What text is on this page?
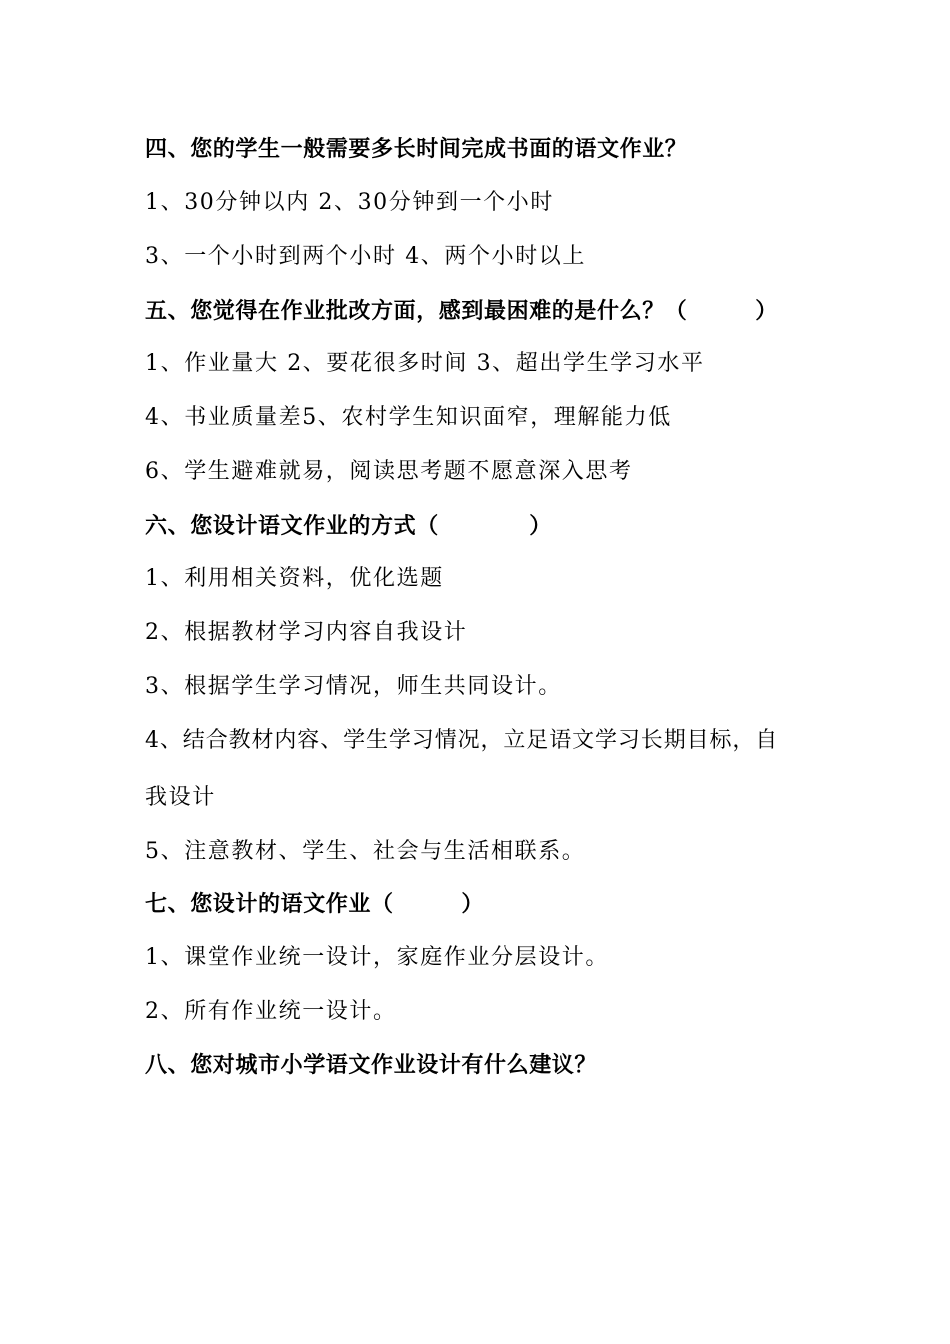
四、您的学生一般需要多长时间完成书面的语文作业？
1、30分钟以内 2、30分钟到一个小时
3、一个小时到两个小时 4、两个小时以上
五、您觉得在作业批改方面，感到最困难的是什么？（　　　）
1、作业量大 2、要花很多时间 3、超出学生学习水平
4、书业质量差5、农村学生知识面窄，理解能力低
6、学生避难就易，阅读思考题不愿意深入思考
六、您设计语文作业的方式（　　　　）
1、利用相关资料，优化选题
2、根据教材学习内容自我设计
3、根据学生学习情况，师生共同设计。
4、结合教材内容、学生学习情况，立足语文学习长期目标，自
我设计
5、注意教材、学生、社会与生活相联系。
七、您设计的语文作业（　　　）
1、课堂作业统一设计，家庭作业分层设计。
2、所有作业统一设计。
八、您对城市小学语文作业设计有什么建议？
